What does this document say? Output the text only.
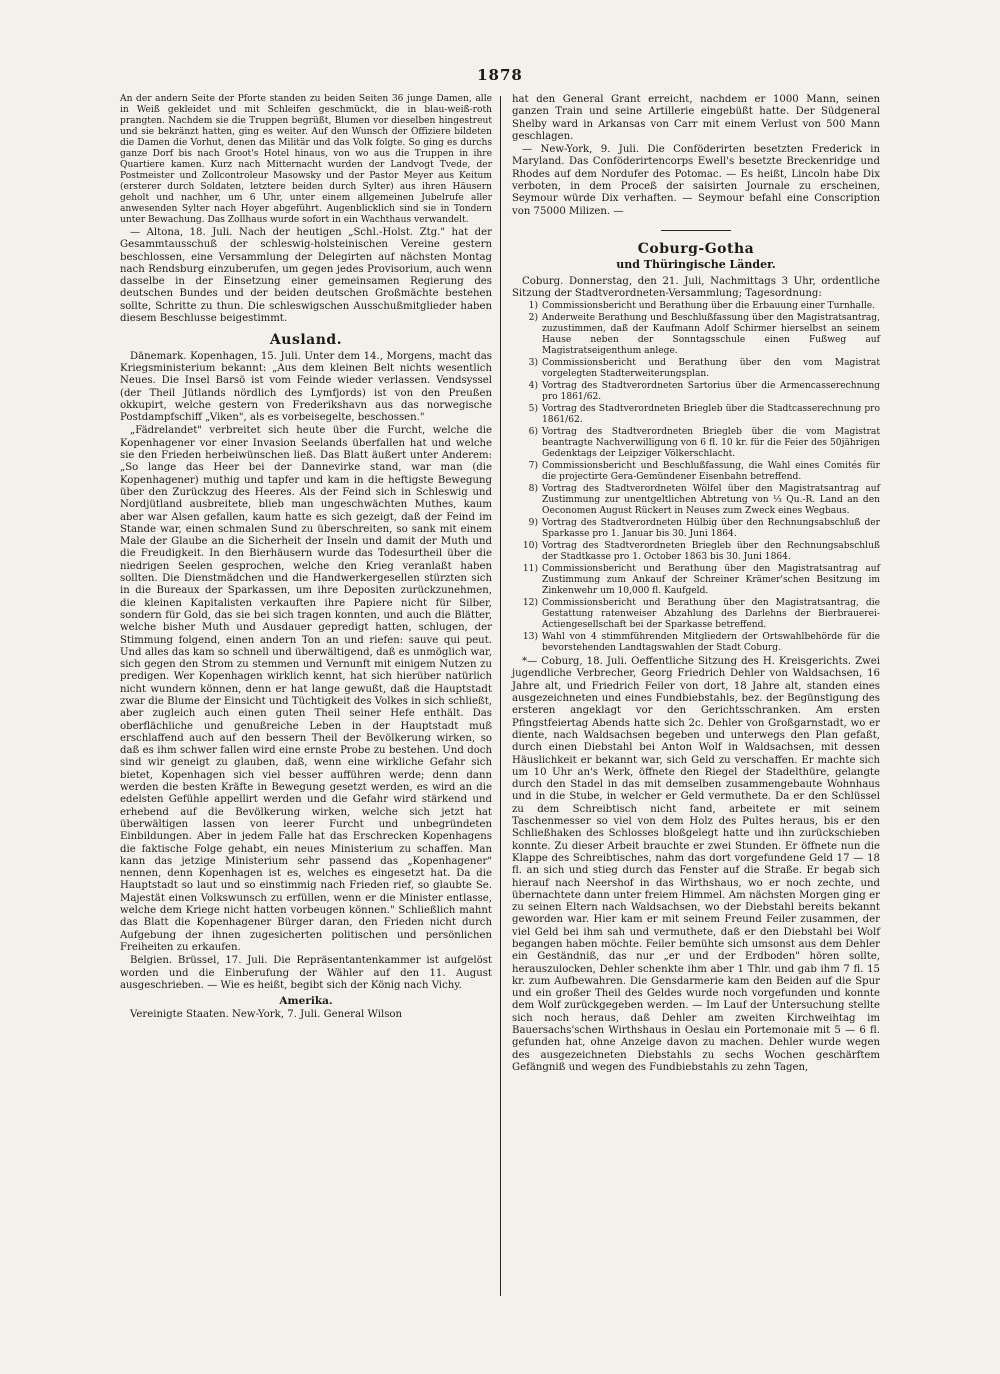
1878

An der andern Seite der Pforte standen zu beiden Seiten 36 junge Damen, alle in Weiß gekleidet und mit Schleifen geschmückt, die in blau-weiß-roth prangten. Nachdem sie die Truppen begrüßt, Blumen vor dieselben hingestreut und sie bekränzt hatten, ging es weiter. Auf den Wunsch der Offiziere bildeten die Damen die Vorhut, denen das Militär und das Volk folgte. So ging es durchs ganze Dorf bis nach Groot's Hotel hinaus, von wo aus die Truppen in ihre Quartiere kamen. Kurz nach Mitternacht wurden der Landvogt Tvede, der Postmeister und Zollcontroleur Masowsky und der Pastor Meyer aus Keitum (ersterer durch Soldaten, letztere beiden durch Sylter) aus ihren Häusern geholt und nachher, um 6 Uhr, unter einem allgemeinen Jubelrufe aller anwesenden Sylter nach Hoyer abgeführt. Augenblicklich sind sie in Tondern unter Bewachung. Das Zollhaus wurde sofort in ein Wachthaus verwandelt.

— Altona, 18. Juli. Nach der heutigen „Schl.-Holst. Ztg." hat der Gesammtausschuß der schleswig-holsteinischen Vereine gestern beschlossen, eine Versammlung der Delegirten auf nächsten Montag nach Rendsburg einzuberufen, um gegen jedes Provisorium, auch wenn dasselbe in der Einsetzung einer gemeinsamen Regierung des deutschen Bundes und der beiden deutschen Großmächte bestehen sollte, Schritte zu thun. Die schleswigschen Ausschußmitglieder haben diesem Beschlusse beigestimmt.

Ausland.

Dänemark. Kopenhagen, 15. Juli. Unter dem 14., Morgens, macht das Kriegsministerium bekannt: „Aus dem kleinen Belt nichts wesentlich Neues. Die Insel Barsö ist vom Feinde wieder verlassen. Vendsyssel (der Theil Jütlands nördlich des Lymfjords) ist von den Preußen okkupirt, welche gestern von Frederikshavn aus das norwegische Postdampfschiff „Viken", als es vorbeisegelte, beschossen."

„Fädrelandet" verbreitet sich heute über die Furcht, welche die Kopenhagener vor einer Invasion Seelands überfallen hat und welche sie den Frieden herbeiwünschen ließ. Das Blatt äußert unter Anderem: „So lange das Heer bei der Dannevirke stand, war man (die Kopenhagener) muthig und tapfer und kam in die heftigste Bewegung über den Zurückzug des Heeres. Als der Feind sich in Schleswig und Nordjütland ausbreitete, blieb man ungeschwächten Muthes, kaum aber war Alsen gefallen, kaum hatte es sich gezeigt, daß der Feind im Stande war, einen schmalen Sund zu überschreiten, so sank mit einem Male der Glaube an die Sicherheit der Inseln und damit der Muth und die Freudigkeit. In den Bierhäusern wurde das Todesurtheil über die niedrigen Seelen gesprochen, welche den Krieg veranlaßt haben sollten. Die Dienstmädchen und die Handwerkergesellen stürzten sich in die Bureaux der Sparkassen, um ihre Depositen zurückzunehmen, die kleinen Kapitalisten verkauften ihre Papiere nicht für Silber, sondern für Gold, das sie bei sich tragen konnten, und auch die Blätter, welche bisher Muth und Ausdauer gepredigt hatten, schlugen, der Stimmung folgend, einen andern Ton an und riefen: sauve qui peut. Und alles das kam so schnell und überwältigend, daß es unmöglich war, sich gegen den Strom zu stemmen und Vernunft mit einigem Nutzen zu predigen. Wer Kopenhagen wirklich kennt, hat sich hierüber natürlich nicht wundern können, denn er hat lange gewußt, daß die Hauptstadt zwar die Blume der Einsicht und Tüchtigkeit des Volkes in sich schließt, aber zugleich auch einen guten Theil seiner Hefe enthält. Das oberflächliche und genußreiche Leben in der Hauptstadt muß erschlaffend auch auf den bessern Theil der Bevölkerung wirken, so daß es ihm schwer fallen wird eine ernste Probe zu bestehen. Und doch sind wir geneigt zu glauben, daß, wenn eine wirkliche Gefahr sich bietet, Kopenhagen sich viel besser aufführen werde; denn dann werden die besten Kräfte in Bewegung gesetzt werden, es wird an die edelsten Gefühle appellirt werden und die Gefahr wird stärkend und erhebend auf die Bevölkerung wirken, welche sich jetzt hat überwältigen lassen von leerer Furcht und unbegründeten Einbildungen. Aber in jedem Falle hat das Erschrecken Kopenhagens die faktische Folge gehabt, ein neues Ministerium zu schaffen. Man kann das jetzige Ministerium sehr passend das „Kopenhagener" nennen, denn Kopenhagen ist es, welches es eingesetzt hat. Da die Hauptstadt so laut und so einstimmig nach Frieden rief, so glaubte Se. Majestät einen Volkswunsch zu erfüllen, wenn er die Minister entlasse, welche dem Kriege nicht hatten vorbeugen können." Schließlich mahnt das Blatt die Kopenhagener Bürger daran, den Frieden nicht durch Aufgebung der ihnen zugesicherten politischen und persönlichen Freiheiten zu erkaufen.

Belgien. Brüssel, 17. Juli. Die Repräsentantenkammer ist aufgelöst worden und die Einberufung der Wähler auf den 11. August ausgeschrieben. — Wie es heißt, begibt sich der König nach Vichy.

Amerika.

Vereinigte Staaten. New-York, 7. Juli. General Wilson

hat den General Grant erreicht, nachdem er 1000 Mann, seinen ganzen Train und seine Artillerie eingebüßt hatte. Der Südgeneral Shelby ward in Arkansas von Carr mit einem Verlust von 500 Mann geschlagen.

— New-York, 9. Juli. Die Conföderirten besetzten Frederick in Maryland. Das Conföderirtencorps Ewell's besetzte Breckenridge und Rhodes auf dem Nordufer des Potomac. — Es heißt, Lincoln habe Dix verboten, in dem Proceß der saisirten Journale zu erscheinen, Seymour würde Dix verhaften. — Seymour befahl eine Conscription von 75000 Milizen. —

Coburg-Gotha
und Thüringische Länder.

Coburg. Donnerstag, den 21. Juli, Nachmittags 3 Uhr, ordentliche Sitzung der Stadtverordneten-Versammlung; Tagesordnung:

1) Commissionsbericht und Berathung über die Erbauung einer Turnhalle.
2) Anderweite Berathung und Beschlußfassung über den Magistratsantrag, zuzustimmen, daß der Kaufmann Adolf Schirmer hierselbst an seinem Hause neben der Sonntagsschule einen Fußweg auf Magistratseigenthum anlege.
3) Commissionsbericht und Berathung über den vom Magistrat vorgelegten Stadterweiterungsplan.
4) Vortrag des Stadtverordneten Sartorius über die Armencasserechnung pro 1861/62.
5) Vortrag des Stadtverordneten Briegleb über die Stadtcasserechnung pro 1861/62.
6) Vortrag des Stadtverordneten Briegleb über die vom Magistrat beantragte Nachverwilligung von 6 fl. 10 kr. für die Feier des 50jährigen Gedenktags der Leipziger Völkerschlacht.
7) Commissionsbericht und Beschlußfassung, die Wahl eines Comités für die projectirte Gera-Gemündener Eisenbahn betreffend.
8) Vortrag des Stadtverordneten Wölfel über den Magistratsantrag auf Zustimmung zur unentgeltlichen Abtretung von ⅓ Qu.-R. Land an den Oeconomen August Rückert in Neuses zum Zweck eines Wegbaus.
9) Vortrag des Stadtverordneten Hülbig über den Rechnungsabschluß der Sparkasse pro 1. Januar bis 30. Juni 1864.
10) Vortrag des Stadtverordneten Briegleb über den Rechnungsabschluß der Stadtkasse pro 1. October 1863 bis 30. Juni 1864.
11) Commissionsbericht und Berathung über den Magistratsantrag auf Zustimmung zum Ankauf der Schreiner Krämer'schen Besitzung im Zinkenwehr um 10,000 fl. Kaufgeld.
12) Commissionsbericht und Berathung über den Magistratsantrag, die Gestattung ratenweiser Abzahlung des Darlehns der Bierbrauerei-Actiengesellschaft bei der Sparkasse betreffend.
13) Wahl von 4 stimmführenden Mitgliedern der Ortswahlbehörde für die bevorstehenden Landtagswahlen der Stadt Coburg.

*— Coburg, 18. Juli. Oeffentliche Sitzung des H. Kreisgerichts. Zwei jugendliche Verbrecher, Georg Friedrich Dehler von Waldsachsen, 16 Jahre alt, und Friedrich Feiler von dort, 18 Jahre alt, standen eines ausgezeichneten und eines Fundbiebstahls, bez. der Begünstigung des ersteren angeklagt vor den Gerichtsschranken. Am ersten Pfingstfeiertag Abends hatte sich 2c. Dehler von Großgarnstadt, wo er diente, nach Waldsachsen begeben und unterwegs den Plan gefaßt, durch einen Diebstahl bei Anton Wolf in Waldsachsen, mit dessen Häuslichkeit er bekannt war, sich Geld zu verschaffen. Er machte sich um 10 Uhr an's Werk, öffnete den Riegel der Stadelthüre, gelangte durch den Stadel in das mit demselben zusammengebaute Wohnhaus und in die Stube, in welcher er Geld vermuthete. Da er den Schlüssel zu dem Schreibtisch nicht fand, arbeitete er mit seinem Taschenmesser so viel von dem Holz des Pultes heraus, bis er den Schließhaken des Schlosses bloßgelegt hatte und ihn zurückschieben konnte. Zu dieser Arbeit brauchte er zwei Stunden. Er öffnete nun die Klappe des Schreibtisches, nahm das dort vorgefundene Geld 17 — 18 fl. an sich und stieg durch das Fenster auf die Straße. Er begab sich hierauf nach Neershof in das Wirthshaus, wo er noch zechte, und übernachtete dann unter freiem Himmel. Am nächsten Morgen ging er zu seinen Eltern nach Waldsachsen, wo der Diebstahl bereits bekannt geworden war. Hier kam er mit seinem Freund Feiler zusammen, der viel Geld bei ihm sah und vermuthete, daß er den Diebstahl bei Wolf begangen haben möchte. Feiler bemühte sich umsonst aus dem Dehler ein Geständniß, das nur „er und der Erdboden" hören sollte, herauszulocken, Dehler schenkte ihm aber 1 Thlr. und gab ihm 7 fl. 15 kr. zum Aufbewahren. Die Gensdarmerie kam den Beiden auf die Spur und ein großer Theil des Geldes wurde noch vorgefunden und konnte dem Wolf zurückgegeben werden. — Im Lauf der Untersuchung stellte sich noch heraus, daß Dehler am zweiten Kirchweihtag im Bauersachs'schen Wirthshaus in Oeslau ein Portemonaie mit 5 — 6 fl. gefunden hat, ohne Anzeige davon zu machen. Dehler wurde wegen des ausgezeichneten Diebstahls zu sechs Wochen geschärftem Gefängniß und wegen des Fundbiebstahls zu zehn Tagen,
